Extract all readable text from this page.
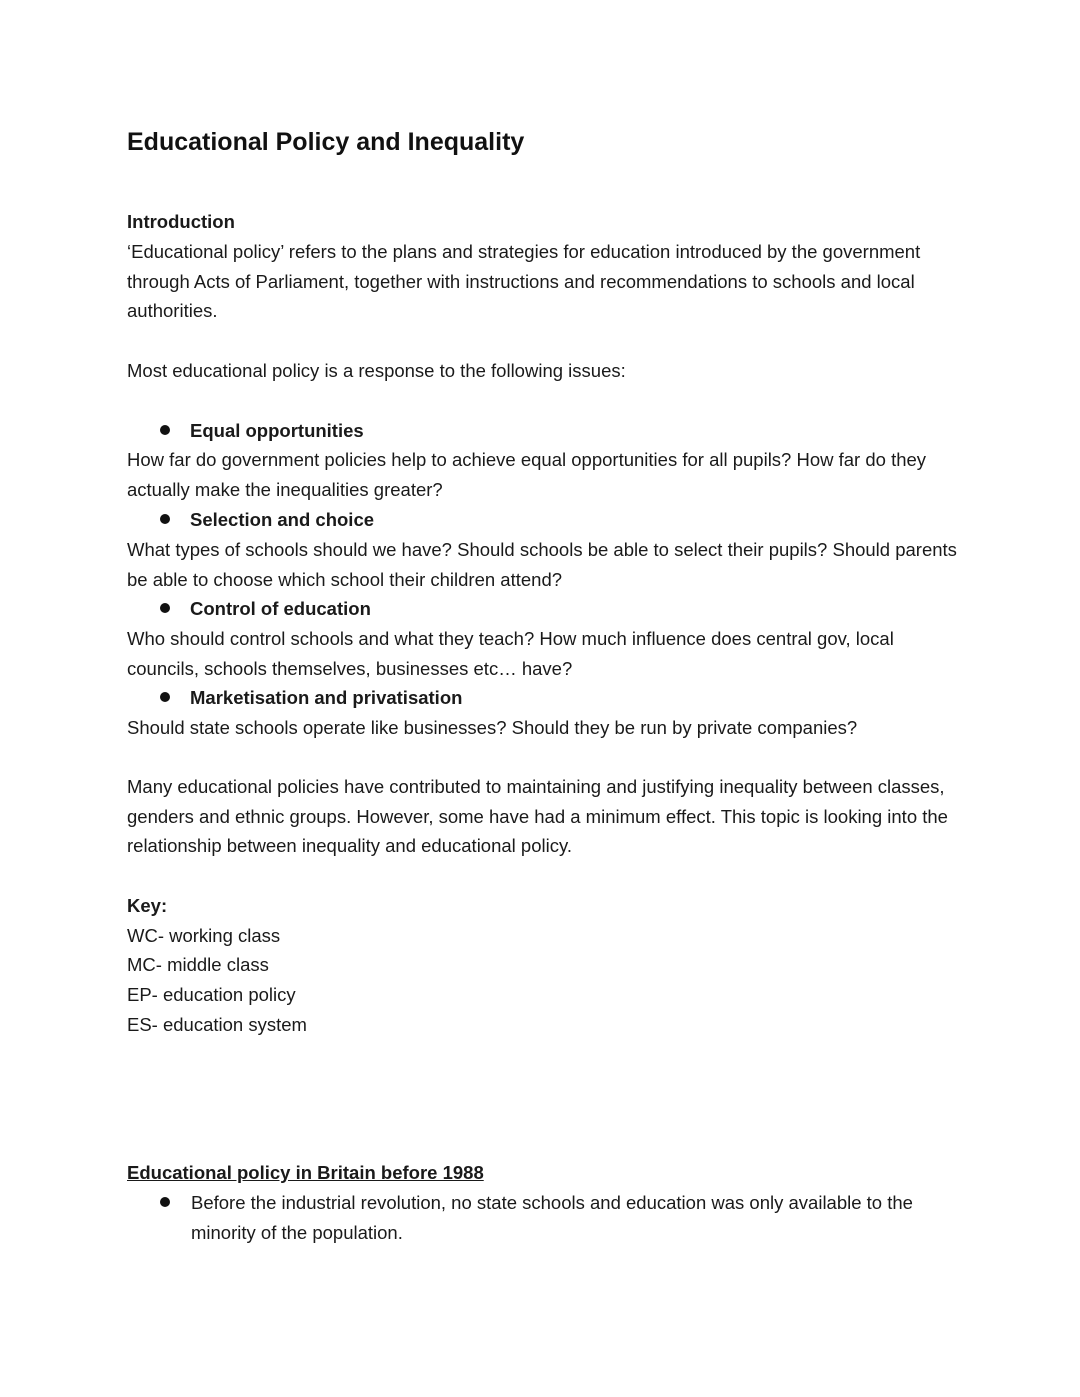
Educational Policy and Inequality

Introduction

‘Educational policy’ refers to the plans and strategies for education introduced by the government through Acts of Parliament, together with instructions and recommendations to schools and local authorities.

Most educational policy is a response to the following issues:

Equal opportunities

How far do government policies help to achieve equal opportunities for all pupils? How far do they actually make the inequalities greater?

Selection and choice

What types of schools should we have? Should schools be able to select their pupils? Should parents be able to choose which school their children attend?

Control of education

Who should control schools and what they teach? How much influence does central gov, local councils, schools themselves, businesses etc… have?

Marketisation and privatisation

Should state schools operate like businesses? Should they be run by private companies?

Many educational policies have contributed to maintaining and justifying inequality between classes, genders and ethnic groups. However, some have had a minimum effect. This topic is looking into the relationship between inequality and educational policy.

Key:

WC- working class

MC- middle class

EP- education policy

ES- education system

Educational policy in Britain before 1988

Before the industrial revolution, no state schools and education was only available to the minority of the population.
